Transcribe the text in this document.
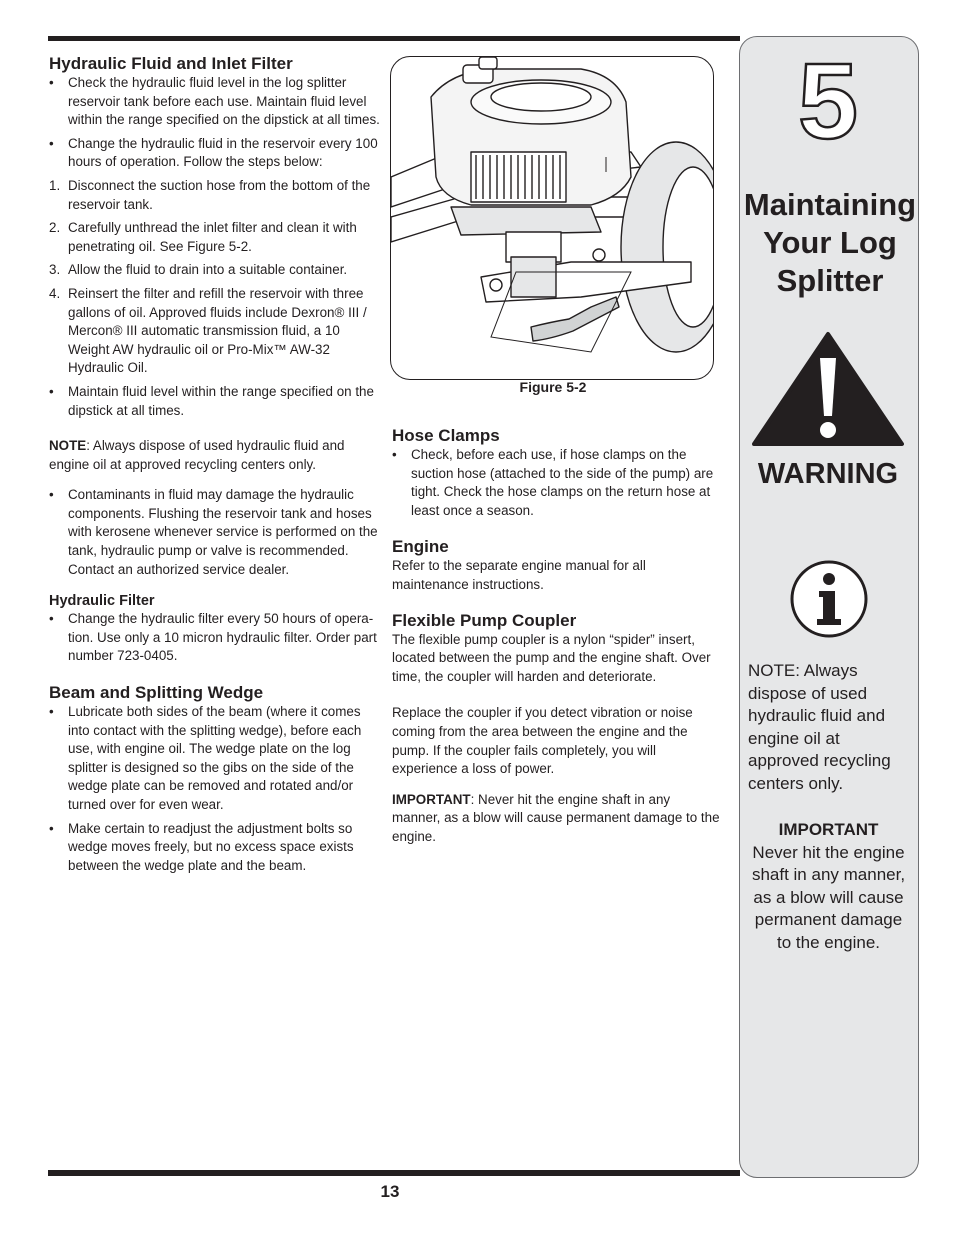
13
Hydraulic Fluid and Inlet Filter
• Check the hydraulic fluid level in the log splitter reservoir tank before each use. Maintain fluid level within the range specified on the dipstick at all times.
• Change the hydraulic fluid in the reservoir every 100 hours of operation. Follow the steps below:
1. Disconnect the suction hose from the bottom of the reservoir tank.
2. Carefully unthread the inlet filter and clean it with penetrating oil. See Figure 5-2.
3. Allow the fluid to drain into a suitable container.
4. Reinsert the filter and refill the reservoir with three gallons of oil. Approved fluids include Dexron® III / Mercon® III automatic transmission fluid, a 10 Weight AW hydraulic oil or Pro-Mix™ AW-32 Hydraulic Oil.
• Maintain fluid level within the range specified on the dipstick at all times.

NOTE: Always dispose of used hydraulic fluid and engine oil at approved recycling centers only.

• Contaminants in fluid may damage the hydraulic components. Flushing the reservoir tank and hoses with kerosene whenever service is performed on the tank, hydraulic pump or valve is recommended. Contact an authorized service dealer.
Hydraulic Filter
• Change the hydraulic filter every 50 hours of opera-tion. Use only a 10 micron hydraulic filter. Order part number 723-0405.
Beam and Splitting Wedge
• Lubricate both sides of the beam (where it comes into contact with the splitting wedge), before each use, with engine oil. The wedge plate on the log splitter is designed so the gibs on the side of the wedge plate can be removed and rotated and/or turned over for even wear.
• Make certain to readjust the adjustment bolts so wedge moves freely, but no excess space exists between the wedge plate and the beam.
Figure 5-2
Hose Clamps
• Check, before each use, if hose clamps on the suction hose (attached to the side of the pump) are tight. Check the hose clamps on the return hose at least once a season.
Engine

Refer to the separate engine manual for all maintenance instructions.

Flexible Pump Coupler

The flexible pump coupler is a nylon “spider” insert, located between the pump and the engine shaft. Over time, the coupler will harden and deteriorate.

Replace the coupler if you detect vibration or noise coming from the area between the engine and the pump. If the coupler fails completely, you will experience a loss of power.

IMPORTANT: Never hit the engine shaft in any manner, as a blow will cause permanent damage to the engine.

5
Maintaining
Your Log
Splitter
WARNING
NOTE: Always dispose of used hydraulic fluid and engine oil at approved recycling centers only.
IMPORTANT
Never hit the engine shaft in any manner, as a blow will cause permanent damage to the engine.
